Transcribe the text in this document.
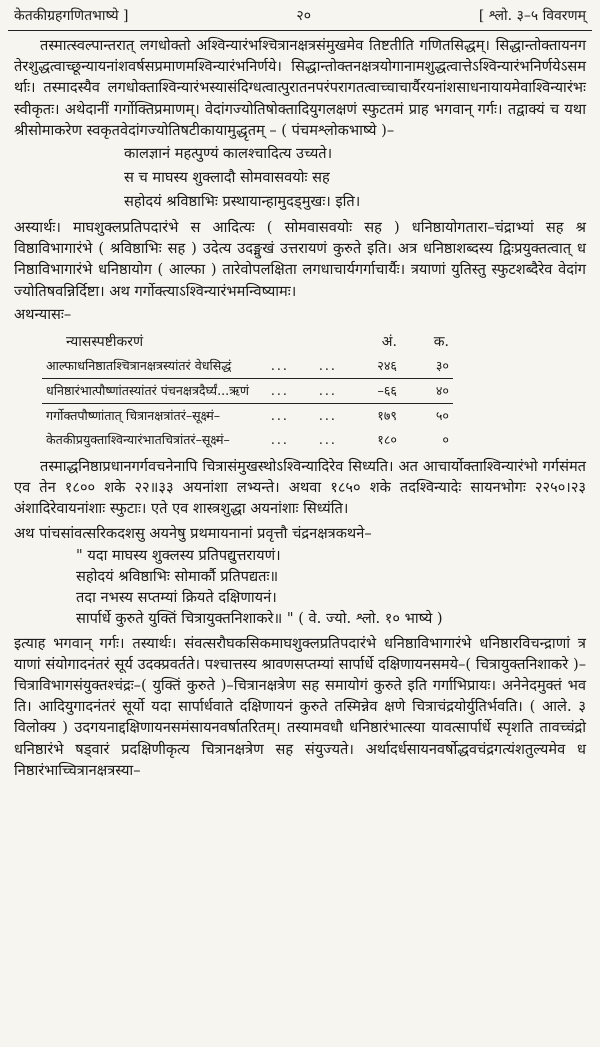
केतकीग्रहगणितभाष्ये ]	२०	[ श्लो. ३–५ विवरणम्

तस्मात्स्वल्पान्तरात् लगधोक्तो अश्विन्यारंभश्चित्रानक्षत्रसंमुखमेव तिष्टतीति गणितसिद्धम्। सिद्धान्तोक्तायनगतेरशुद्धत्वाच्छून्यायनांशवर्षसप्रमाणमश्विन्यारंभनिर्णये। सिद्धान्तोक्तनक्षत्रयोगानामशुद्धत्वात्तेऽश्विन्यारंभनिर्णयेऽसमर्थाः। तस्मादस्यैव लगधोक्ताश्विन्यारंभस्यासंदिग्धत्वात्पुरातनपरंपरागतत्वाच्चाचार्यैरयनांशसाधनायायमेवाश्विन्यारंभः स्वीकृतः। अथेदानीं गर्गोक्तिप्रमाणम्। वेदांगज्योतिषोक्तादियुगलक्षणं स्फुटतमं प्राह भगवान् गर्गः। तद्वाक्यं च यथा श्रीसोमाकरेण स्वकृतवेदांगज्योतिषटीकायामुद्धृतम् – ( पंचमश्लोकभाष्ये )–

कालज्ञानं महत्पुण्यं कालश्चादित्य उच्यते।
स च माघस्य शुक्लादौ सोमवासवयोः सह
सहोदयं श्रविष्ठाभिः प्रस्थायान्हामुदड्मुखः। इति।

अस्यार्थः। माघशुक्लप्रतिपदारंभे स आदित्यः ( सोमवासवयोः सह ) धनिष्ठायोगतारा–चंद्राभ्यां सह श्रविष्ठाविभागारंभे ( श्रविष्ठाभिः सह ) उदेत्य उदङ्मुखं उत्तरायणं कुरुते इति। अत्र धनिष्ठाशब्दस्य द्विःप्रयुक्तत्वात् धनिष्ठाविभागारंभे धनिष्ठायोग ( आल्फा ) तारेवोपलक्षिता लगधाचार्यगर्गाचार्यैः। त्रयाणां युतिस्तु स्फुटशब्दैरेव वेदांगज्योतिषवन्निर्दिष्टा। अथ गर्गोक्त्याऽश्विन्यारंभमन्विष्यामः।

अथन्यासः–
न्यासस्पष्टीकरणं			अं.	क.
आल्फाधनिष्ठातश्चित्रानक्षत्रस्यांतरं वेधसिद्धं	...	...	२४६	३०
धनिष्ठारंभात्पौष्णांतस्यांतरं पंचनक्षत्रदैर्घ्यं...ऋणं	...	...	–६६	४०
गर्गोक्तपौष्णांतात् चित्रानक्षत्रांतरं–सूक्ष्मं–	...	...	१७९	५०
केतकीप्रयुक्ताश्विन्यारंभातचित्रांतरं–सूक्ष्मं–	...	...	१८०	०

तस्माद्धनिष्ठाप्रधानगर्गवचनेनापि चित्रासंमुखस्थोऽश्विन्यादिरेव सिध्यति। अत आचार्योक्ताश्विन्यारंभो गर्गसंमत एव तेन १८०० शके २२॥३३ अयनांशा लभ्यन्ते। अथवा १८५० शके तदश्विन्यादेः सायनभोगः २२५०।२३ अंशादिरेवायनांशाः स्फुटाः। एते एव शास्त्रशुद्धा अयनांशाः सिध्यंति।

अथ पांचसांवत्सरिकदशसु अयनेषु प्रथमायनानां प्रवृत्तौ चंद्रनक्षत्रकथने–

" यदा माघस्य शुक्लस्य प्रतिपद्युत्तरायणं।
सहोदयं श्रविष्ठाभिः सोमार्कौ प्रतिपद्यतः॥
तदा नभस्य सप्तम्यां क्रियते दक्षिणायनं।
सार्पार्धे कुरुते युक्तिं चित्रायुक्तनिशाकरे॥ " ( वे. ज्यो. श्लो. १० भाष्ये )

इत्याह भगवान् गर्गः। तस्यार्थः। संवत्सरौघकसिकमाघशुक्लप्रतिपदारंभे धनिष्ठाविभागारंभे धनिष्ठारविचन्द्राणां त्रयाणां संयोगादनंतरं सूर्य उदक्प्रवर्तते। पश्चात्तस्य श्रावणसप्तम्यां सार्पार्धे दक्षिणायनसमये–( चित्रायुक्तनिशाकरे )–चित्राविभागसंयुक्तश्चंद्रः–( युक्तिं कुरुते )–चित्रानक्षत्रेण सह समायोगं कुरुते इति गर्गाभिप्रायः। अनेनेदमुक्तं भवति। आदियुगादनंतरं सूर्यो यदा सार्पार्धवाते दक्षिणायनं कुरुते तस्मिन्नेव क्षणे चित्राचंद्रयोर्युतिर्भवति। ( आले. ३ विलोक्य ) उदगयनाद्दक्षिणायनसमंसायनवर्षातरितम्। तस्यामवधौ धनिष्ठारंभात्स्या यावत्सार्पार्धे स्पृशति तावच्चंद्रो धनिष्ठारंभे षड्वारं प्रदक्षिणीकृत्य चित्रानक्षत्रेण सह संयुज्यते। अर्थादर्धसायनवर्षोद्धवचंद्रगत्यंशतुल्यमेव धनिष्ठारंभाच्चित्रानक्षत्रस्या–
